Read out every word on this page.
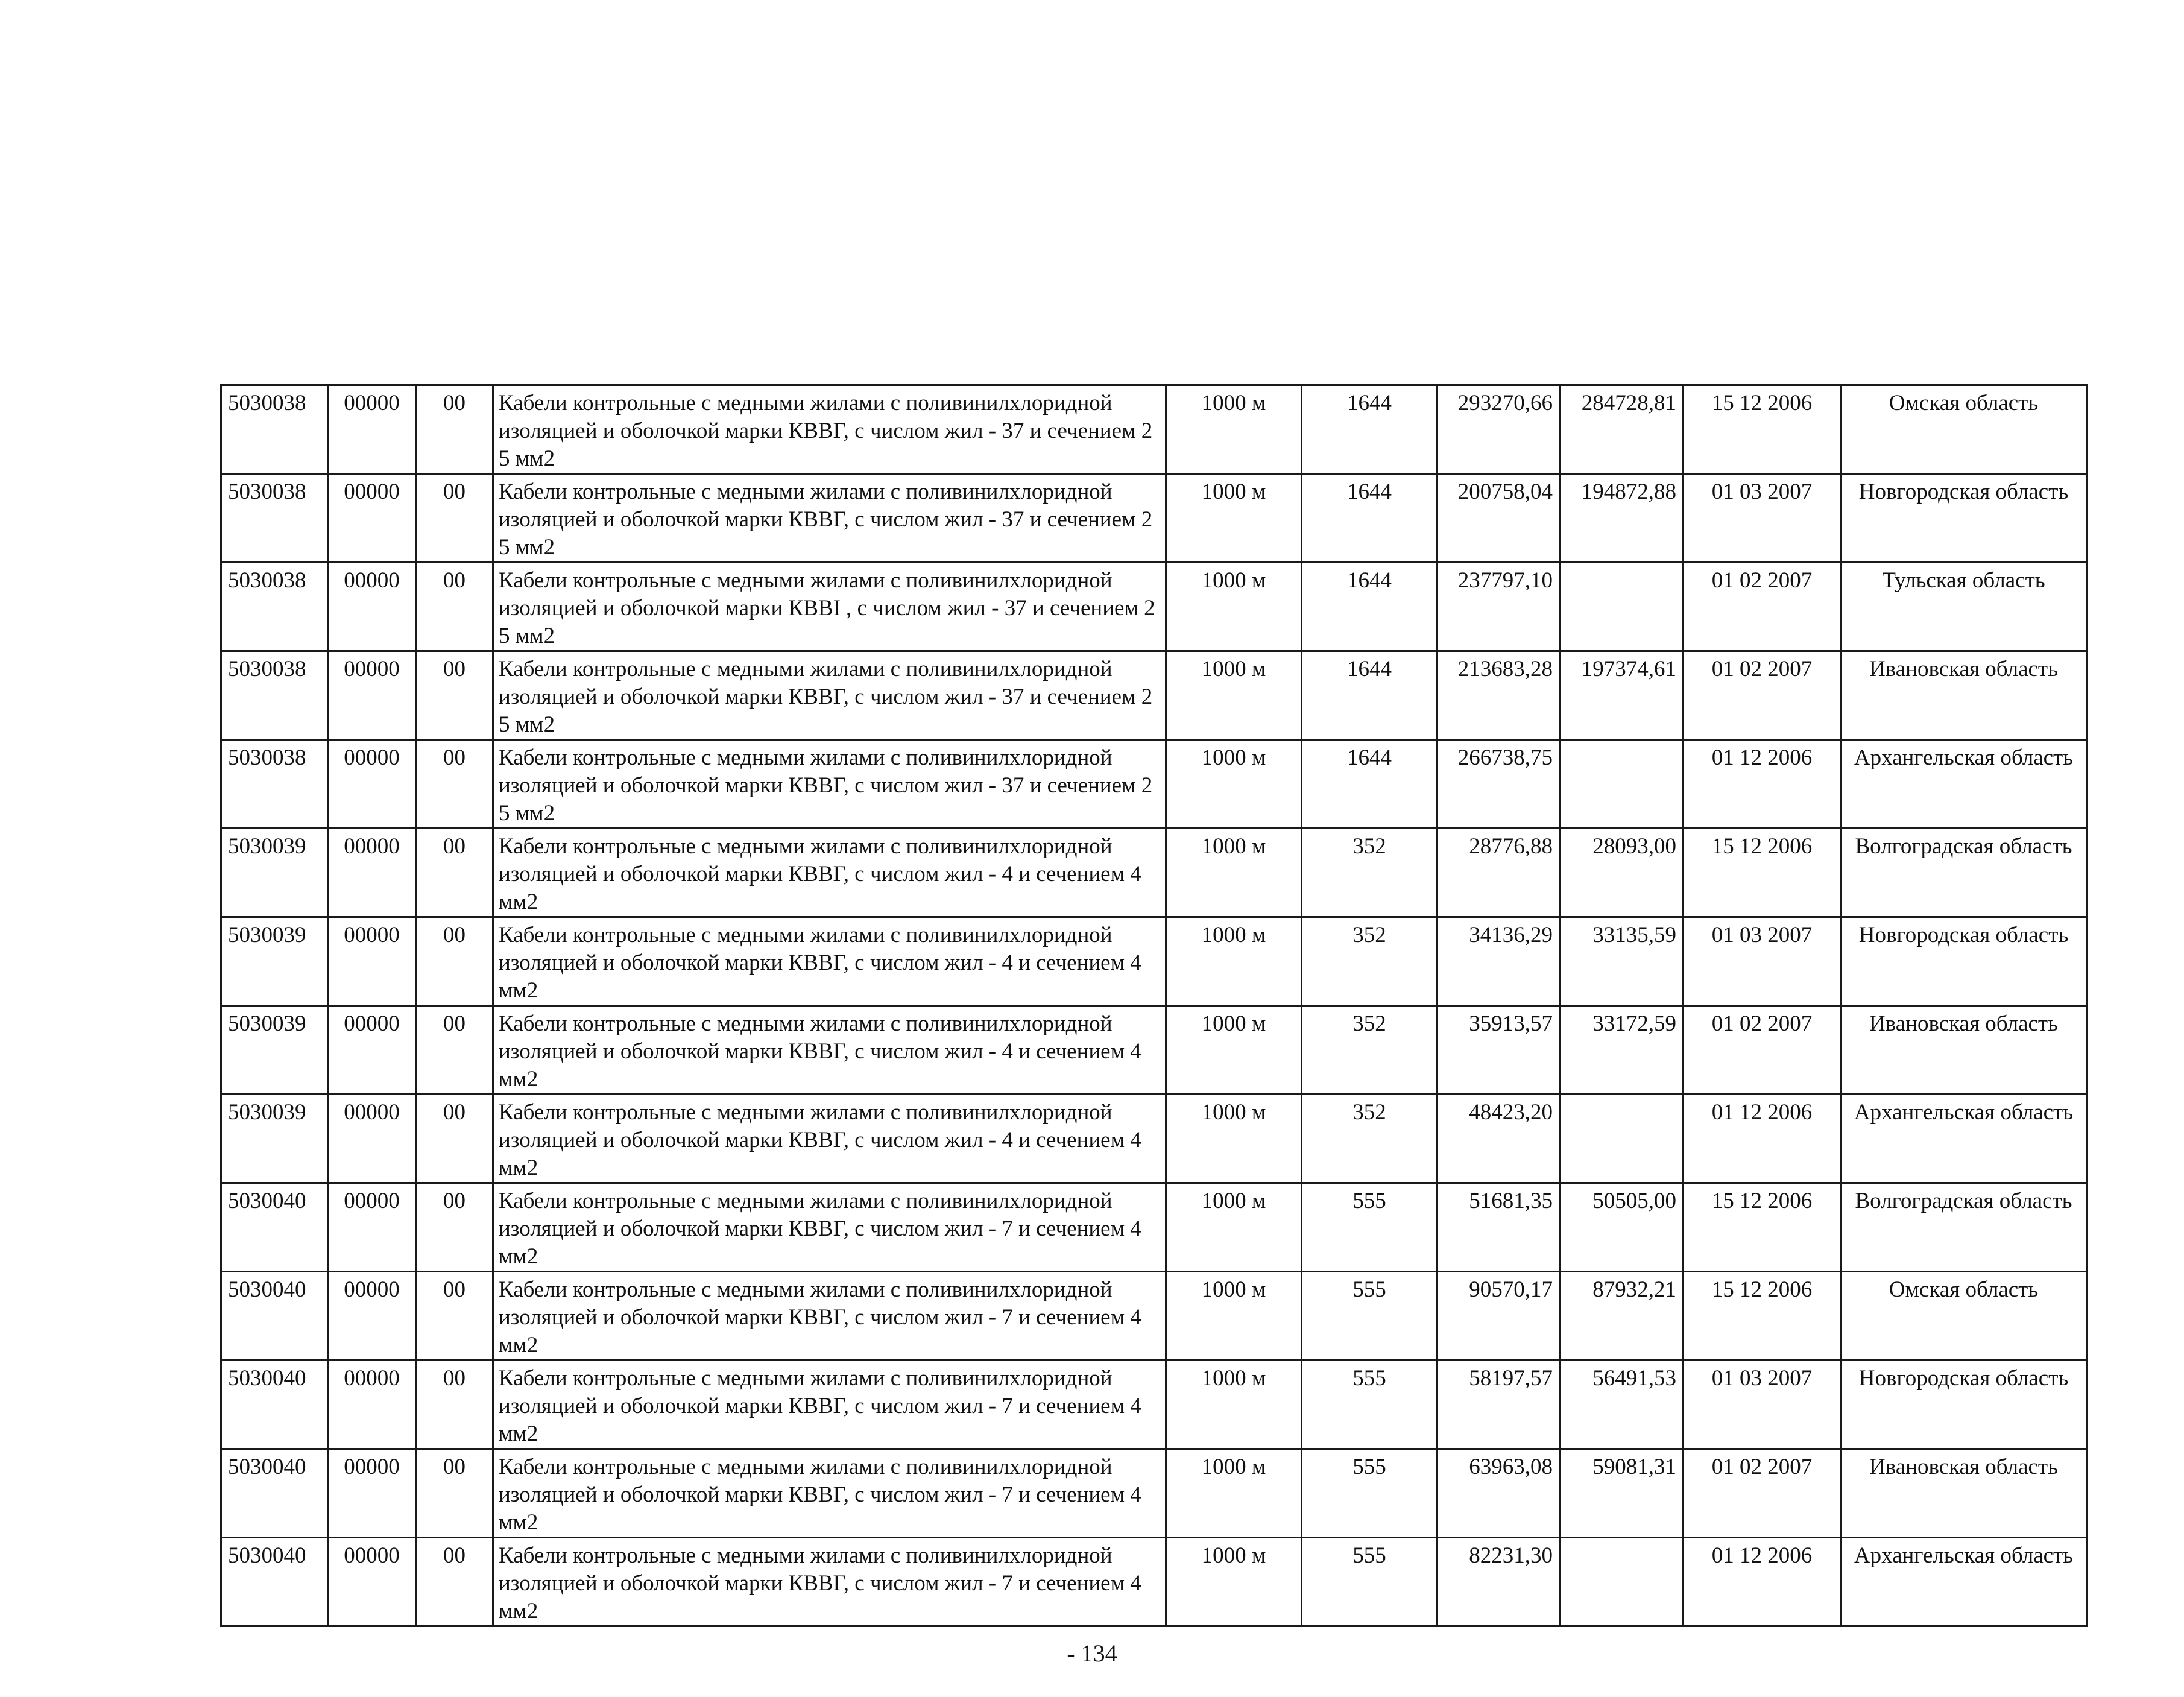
5030038	00000	00	Кабели контрольные с медными жилами с поливинилхлоридной изоляцией и оболочкой марки КВВГ, с числом жил - 37 и сечением 2 5 мм2	1000 м	1644	293270,66	284728,81	15 12 2006	Омская область
5030038	00000	00	Кабели контрольные с медными жилами с поливинилхлоридной изоляцией и оболочкой марки КВВГ, с числом жил - 37 и сечением 2 5 мм2	1000 м	1644	200758,04	194872,88	01 03 2007	Новгородская область
5030038	00000	00	Кабели контрольные с медными жилами с поливинилхлоридной изоляцией и оболочкой марки КВВI , с числом жил - 37 и сечением 2 5 мм2	1000 м	1644	237797,10		01 02 2007	Тульская область
5030038	00000	00	Кабели контрольные с медными жилами с поливинилхлоридной изоляцией и оболочкой марки КВВГ, с числом жил - 37 и сечением 2 5 мм2	1000 м	1644	213683,28	197374,61	01 02 2007	Ивановская область
5030038	00000	00	Кабели контрольные с медными жилами с поливинилхлоридной изоляцией и оболочкой марки КВВГ, с числом жил - 37 и сечением 2 5 мм2	1000 м	1644	266738,75		01 12 2006	Архангельская область
5030039	00000	00	Кабели контрольные с медными жилами с поливинилхлоридной изоляцией и оболочкой марки КВВГ, с числом жил - 4 и сечением 4 мм2	1000 м	352	28776,88	28093,00	15 12 2006	Волгоградская область
5030039	00000	00	Кабели контрольные с медными жилами с поливинилхлоридной изоляцией и оболочкой марки КВВГ, с числом жил - 4 и сечением 4 мм2	1000 м	352	34136,29	33135,59	01 03 2007	Новгородская область
5030039	00000	00	Кабели контрольные с медными жилами с поливинилхлоридной изоляцией и оболочкой марки КВВГ, с числом жил - 4 и сечением 4 мм2	1000 м	352	35913,57	33172,59	01 02 2007	Ивановская область
5030039	00000	00	Кабели контрольные с медными жилами с поливинилхлоридной изоляцией и оболочкой марки КВВГ, с числом жил - 4 и сечением 4 мм2	1000 м	352	48423,20		01 12 2006	Архангельская область
5030040	00000	00	Кабели контрольные с медными жилами с поливинилхлоридной изоляцией и оболочкой марки КВВГ, с числом жил - 7 и сечением 4 мм2	1000 м	555	51681,35	50505,00	15 12 2006	Волгоградская область
5030040	00000	00	Кабели контрольные с медными жилами с поливинилхлоридной изоляцией и оболочкой марки КВВГ, с числом жил - 7 и сечением 4 мм2	1000 м	555	90570,17	87932,21	15 12 2006	Омская область
5030040	00000	00	Кабели контрольные с медными жилами с поливинилхлоридной изоляцией и оболочкой марки КВВГ, с числом жил - 7 и сечением 4 мм2	1000 м	555	58197,57	56491,53	01 03 2007	Новгородская область
5030040	00000	00	Кабели контрольные с медными жилами с поливинилхлоридной изоляцией и оболочкой марки КВВГ, с числом жил - 7 и сечением 4 мм2	1000 м	555	63963,08	59081,31	01 02 2007	Ивановская область
5030040	00000	00	Кабели контрольные с медными жилами с поливинилхлоридной изоляцией и оболочкой марки КВВГ, с числом жил - 7 и сечением 4 мм2	1000 м	555	82231,30		01 12 2006	Архангельская область
- 134
